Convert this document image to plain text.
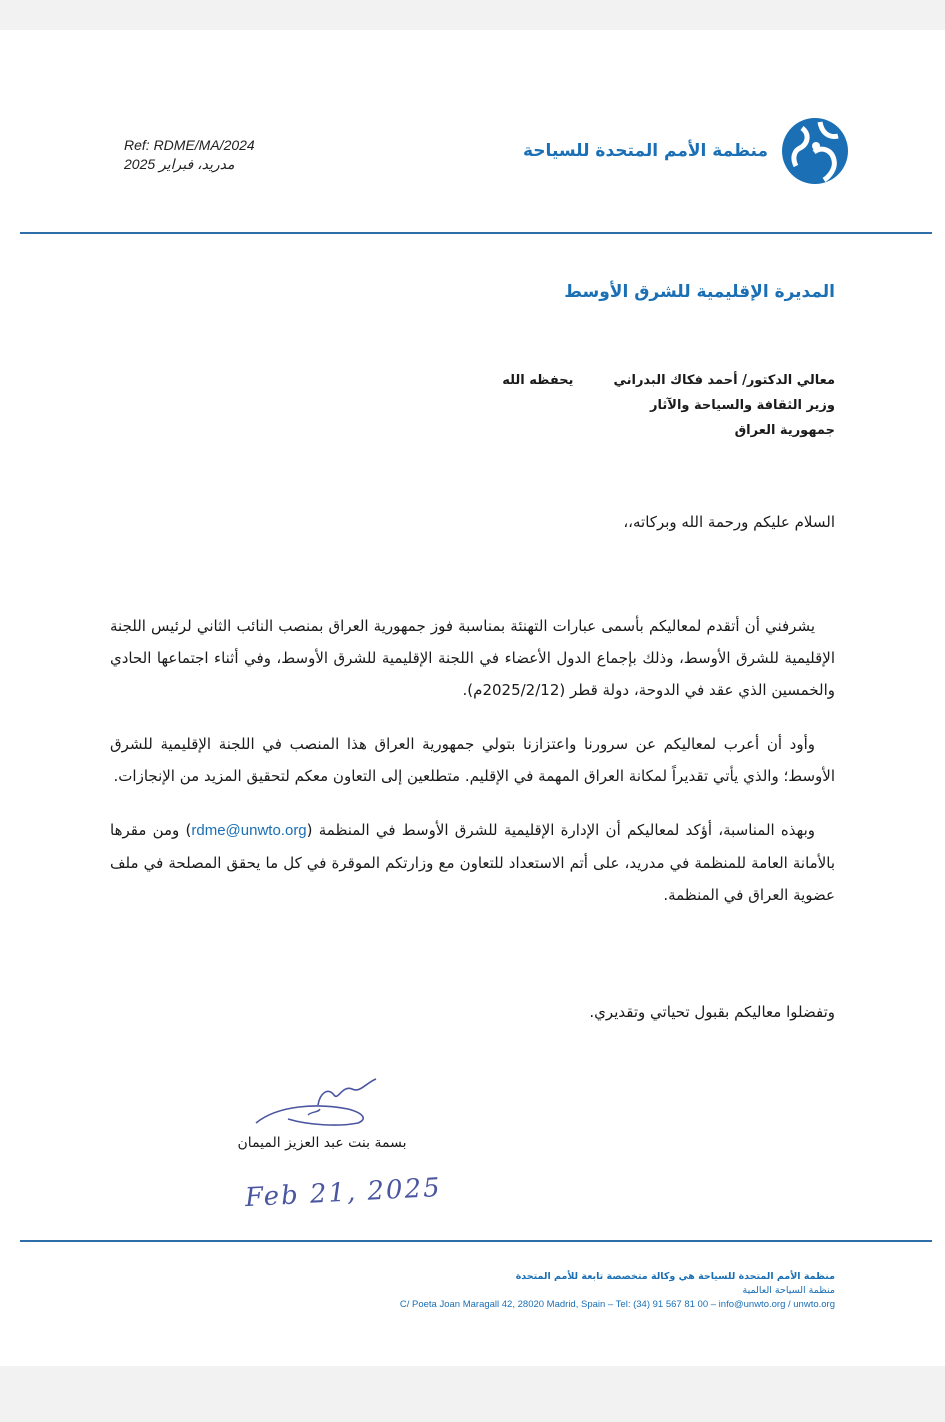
Ref: RDME/MA/2024
مدريد، فبراير 2025
منظمة الأمم المتحدة للسياحة
المديرة الإقليمية للشرق الأوسط
معالي الدكتور/ أحمد فكاك البدرانييحفظه الله
وزير الثقافة والسياحة والآثار
جمهورية العراق
السلام عليكم ورحمة الله وبركاته،،

يشرفني أن أتقدم لمعاليكم بأسمى عبارات التهنئة بمناسبة فوز جمهورية العراق بمنصب النائب الثاني لرئيس اللجنة الإقليمية للشرق الأوسط، وذلك بإجماع الدول الأعضاء في اللجنة الإقليمية للشرق الأوسط، وفي أثناء اجتماعها الحادي والخمسين الذي عقد في الدوحة، دولة قطر (2025/2/12م).

وأود أن أعرب لمعاليكم عن سرورنا واعتزازنا بتولي جمهورية العراق هذا المنصب في اللجنة الإقليمية للشرق الأوسط؛ والذي يأتي تقديراً لمكانة العراق المهمة في الإقليم. متطلعين إلى التعاون معكم لتحقيق المزيد من الإنجازات.

وبهذه المناسبة، أؤكد لمعاليكم أن الإدارة الإقليمية للشرق الأوسط في المنظمة (rdme@unwto.org) ومن مقرها بالأمانة العامة للمنظمة في مدريد، على أتم الاستعداد للتعاون مع وزارتكم الموقرة في كل ما يحقق المصلحة في ملف عضوية العراق في المنظمة.

وتفضلوا معاليكم بقبول تحياتي وتقديري.
بسمة بنت عبد العزيز الميمان
Feb 21, 2025
منظمة الأمم المتحدة للسياحة هي وكالة متخصصة تابعة للأمم المتحدة
منظمة السياحة العالمية
C/ Poeta Joan Maragall 42, 28020 Madrid, Spain – Tel: (34) 91 567 81 00 – info@unwto.org / unwto.org
